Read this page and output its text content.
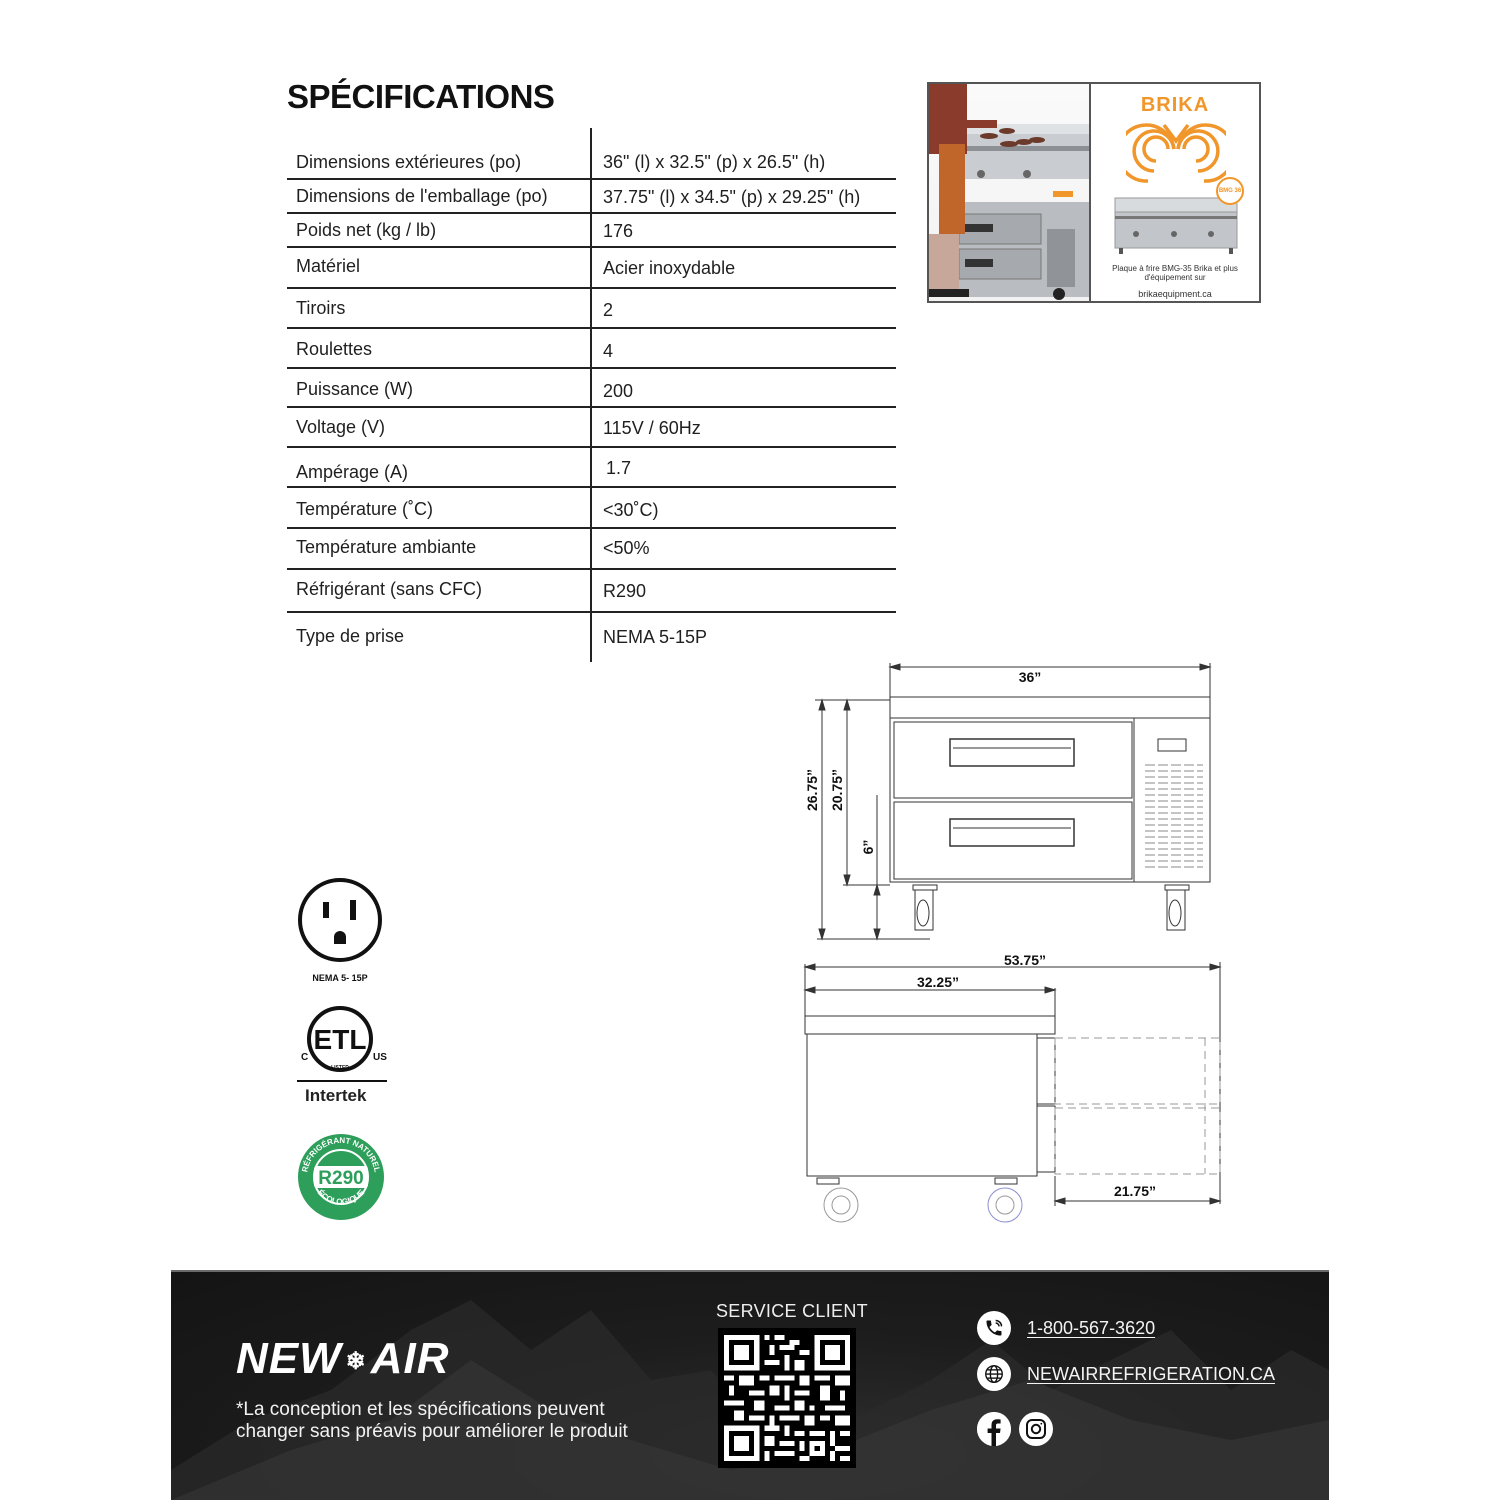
SPÉCIFICATIONS
Dimensions extérieures (po)	36" (l) x 32.5" (p) x 26.5" (h)
Dimensions de l'emballage (po)	37.75" (l) x 34.5" (p) x 29.25" (h)
Poids net (kg / lb)	176
Matériel	Acier inoxydable
Tiroirs	2
Roulettes	4
Puissance (W)	200
Voltage (V)	115V / 60Hz
Ampérage (A)	1.7
Température (˚C)	<30˚C)
Température ambiante	<50%
Réfrigérant (sans CFC)	R290
Type de prise	NEMA 5-15P
BRIKA
BMG 36
Plaque à frire BMG-35 Brika et plus
d'équipement sur
brikaequipment.ca
36”
26.75” 20.75”
6”
53.75”
32.25”
21.75”
NEMA 5- 15P
ETL
C	US
LISTED
Intertek
R290
RÉFRIGÉRANT NATUREL
ÉCOLOGIQUE
NEW ❄AIR
*La conception et les spécifications peuvent
changer sans préavis pour améliorer le produit
SERVICE CLIENT
1-800-567-3620
NEWAIRREFRIGERATION.CA
